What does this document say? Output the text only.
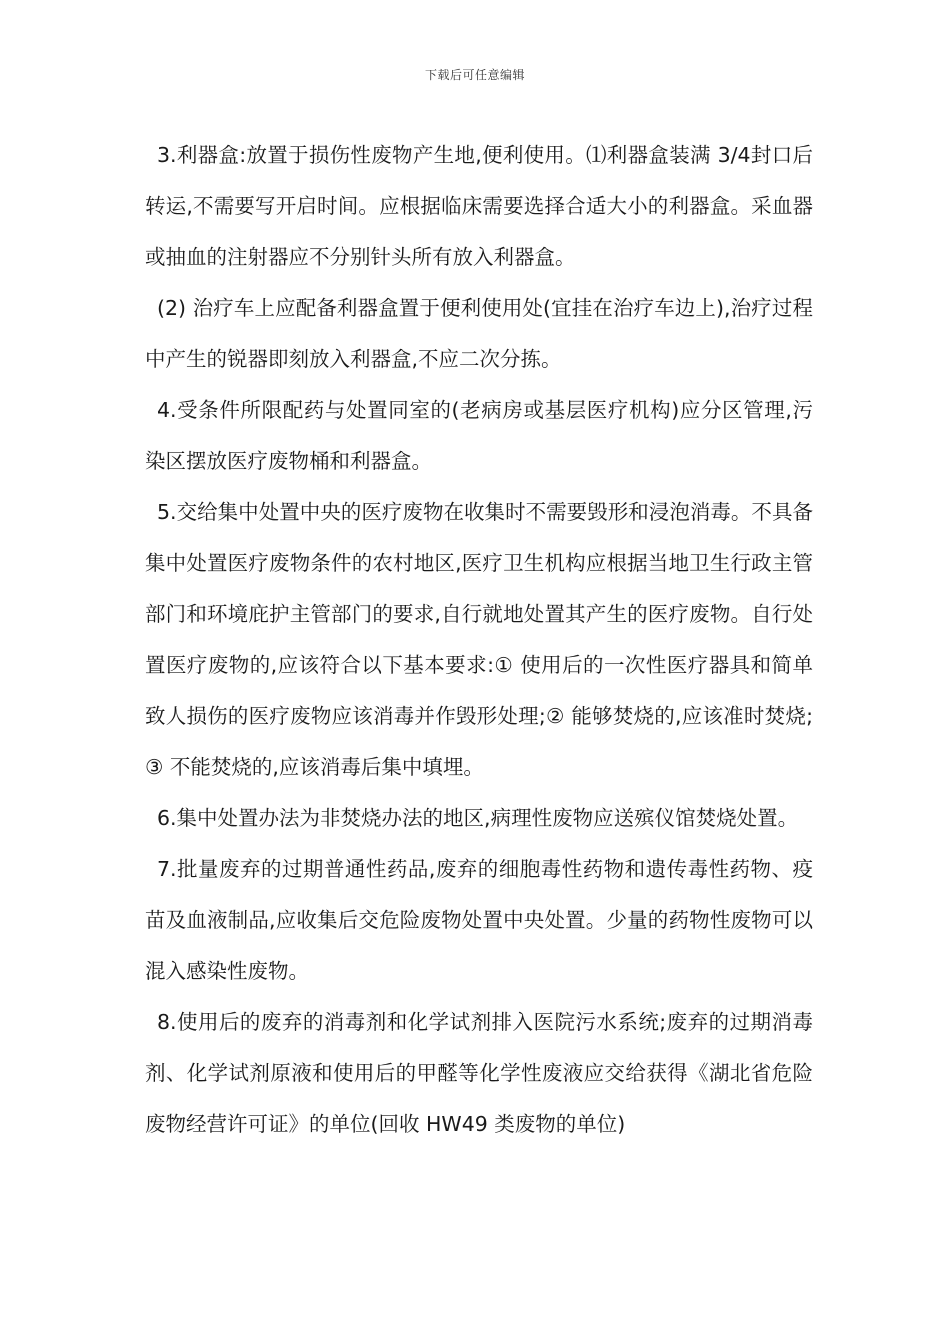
下载后可任意编辑

3.利器盒:放置于损伤性废物产生地,便利使用。⑴利器盒装满 3/4封口后转运,不需要写开启时间。应根据临床需要选择合适大小的利器盒。采血器或抽血的注射器应不分别针头所有放入利器盒。

(2) 治疗车上应配备利器盒置于便利使用处(宜挂在治疗车边上),治疗过程中产生的锐器即刻放入利器盒,不应二次分拣。

4.受条件所限配药与处置同室的(老病房或基层医疗机构)应分区管理,污染区摆放医疗废物桶和利器盒。

5.交给集中处置中央的医疗废物在收集时不需要毁形和浸泡消毒。不具备集中处置医疗废物条件的农村地区,医疗卫生机构应根据当地卫生行政主管部门和环境庇护主管部门的要求,自行就地处置其产生的医疗废物。自行处置医疗废物的,应该符合以下基本要求:① 使用后的一次性医疗器具和简单致人损伤的医疗废物应该消毒并作毁形处理;② 能够焚烧的,应该准时焚烧;③ 不能焚烧的,应该消毒后集中填埋。

6.集中处置办法为非焚烧办法的地区,病理性废物应送殡仪馆焚烧处置。

7.批量废弃的过期普通性药品,废弃的细胞毒性药物和遗传毒性药物、疫苗及血液制品,应收集后交危险废物处置中央处置。少量的药物性废物可以混入感染性废物。

8.使用后的废弃的消毒剂和化学试剂排入医院污水系统;废弃的过期消毒剂、化学试剂原液和使用后的甲醛等化学性废液应交给获得《湖北省危险废物经营许可证》的单位(回收 HW49 类废物的单位)
